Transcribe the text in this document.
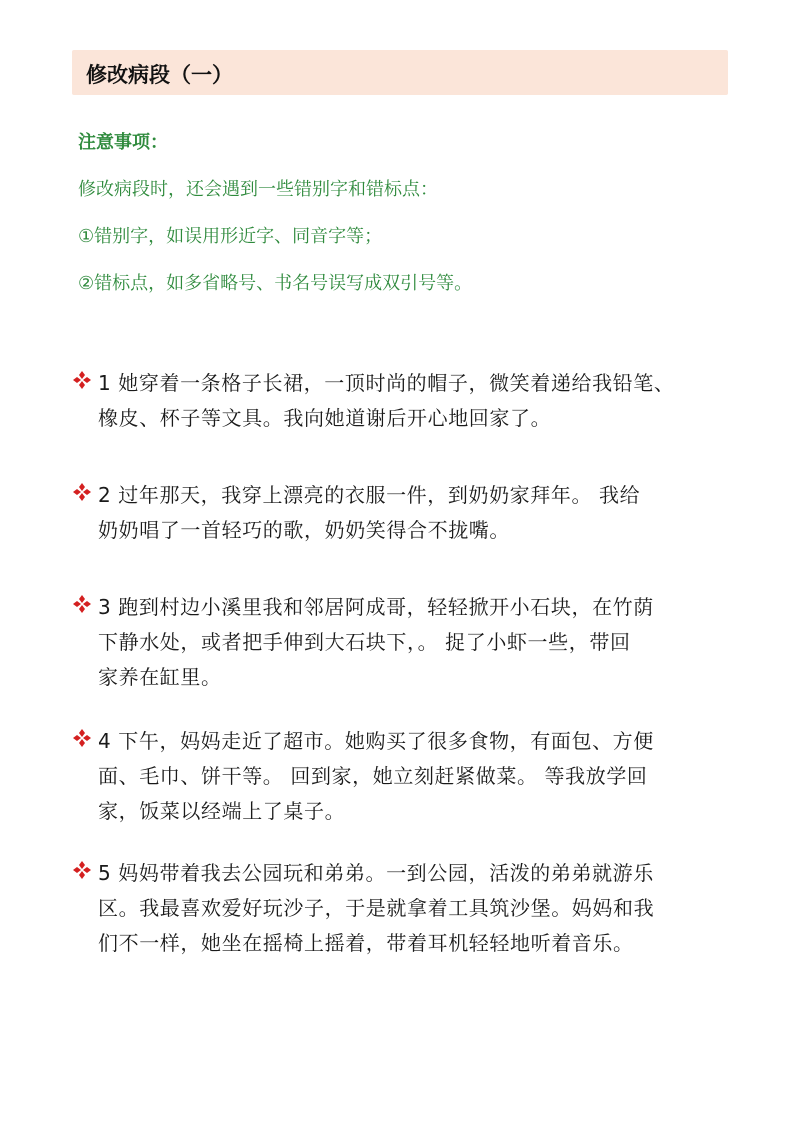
修改病段（一）
注意事项：
修改病段时，还会遇到一些错别字和错标点：
①错别字，如误用形近字、同音字等；
②错标点，如多省略号、书名号误写成双引号等。
1 她穿着一条格子长裙，一顶时尚的帽子，微笑着递给我铅笔、
橡皮、杯子等文具。我向她道谢后开心地回家了。
2 过年那天，我穿上漂亮的衣服一件，到奶奶家拜年。 我给
奶奶唱了一首轻巧的歌，奶奶笑得合不拢嘴。
3 跑到村边小溪里我和邻居阿成哥，轻轻掀开小石块，在竹荫
下静水处，或者把手伸到大石块下，。 捉了小虾一些，带回
家养在缸里。
4 下午，妈妈走近了超市。她购买了很多食物，有面包、方便
面、毛巾、饼干等。 回到家，她立刻赶紧做菜。 等我放学回
家，饭菜以经端上了桌子。
5 妈妈带着我去公园玩和弟弟。一到公园，活泼的弟弟就游乐
区。我最喜欢爱好玩沙子，于是就拿着工具筑沙堡。妈妈和我
们不一样，她坐在摇椅上摇着，带着耳机轻轻地听着音乐。
